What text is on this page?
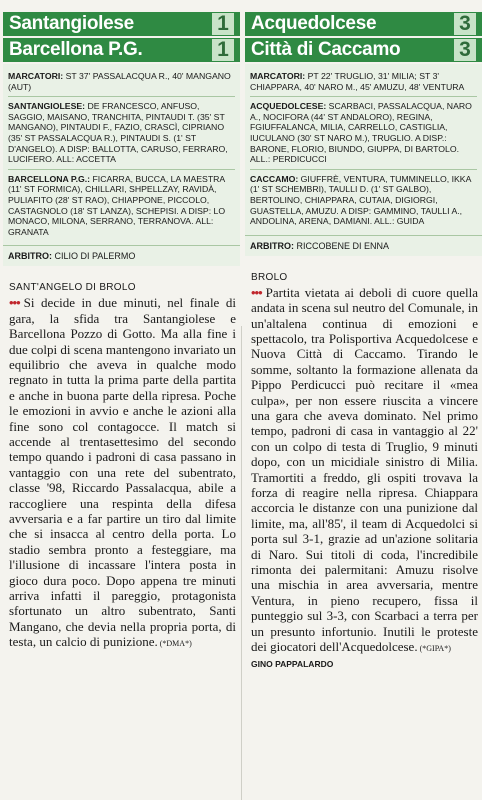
Santangiolese	1
Barcellona P.G.	1
MARCATORI: ST 37' PASSALACQUA R., 40' MANGANO (AUT)
SANTANGIOLESE: DE FRANCESCO, ANFUSO, SAGGIO, MAISANO, TRANCHITA, PINTAUDI T. (35' ST MANGANO), PINTAUDI F., FAZIO, CRASCÌ, CIPRIANO (35' ST PASSALACQUA R.), PINTAUDI S. (1' ST D'ANGELO). A DISP: BALLOTTA, CARUSO, FERRARO, LUCIFERO. ALL: ACCETTA
BARCELLONA P.G.: FICARRA, BUCCA, LA MAESTRA (11' ST FORMICA), CHILLARI, SHPELLZAY, RAVIDÀ, PULIAFITO (28' ST RAO), CHIAPPONE, PICCOLO, CASTAGNOLO (18' ST LANZA), SCHEPISI. A DISP: LO MONACO, MILONA, SERRANO, TERRANOVA. ALL: GRANATA
ARBITRO: CILIO DI PALERMO
SANT'ANGELO DI BROLO
••• Si decide in due minuti, nel finale di gara, la sfida tra Santangiolese e Barcellona Pozzo di Gotto. Ma alla fine i due colpi di scena mantengono invariato un equilibrio che aveva in qualche modo regnato in tutta la prima parte della partita e anche in buona parte della ripresa. Poche le emozioni in avvio e anche le azioni alla fine sono col contagocce. Il match si accende al trentasettesimo del secondo tempo quando i padroni di casa passano in vantaggio con una rete del subentrato, classe '98, Riccardo Passalacqua, abile a raccogliere una respinta della difesa avversaria e a far partire un tiro dal limite che si insacca al centro della porta. Lo stadio sembra pronto a festeggiare, ma l'illusione di incassare l'intera posta in gioco dura poco. Dopo appena tre minuti arriva infatti il pareggio, protagonista sfortunato un altro subentrato, Santi Mangano, che devia nella propria porta, di testa, un calcio di punizione. (*DMA*)
Acquedolcese	3
Città di Caccamo	3
MARCATORI: PT 22' TRUGLIO, 31' MILIA; ST 3' CHIAPPARA, 40' NARO M., 45' AMUZU, 48' VENTURA
ACQUEDOLCESE: SCARBACI, PASSALACQUA, NARO A., NOCIFORA (44' ST ANDALORO), REGINA, FGIUFFALANCA, MILIA, CARRELLO, CASTIGLIA, IUCULANO (30' ST NARO M.), TRUGLIO. A DISP.: BARONE, FLORIO, BIUNDO, GIUPPA, DI BARTOLO. ALL.: PERDICUCCI
CACCAMO: GIUFFRÈ, VENTURA, TUMMINELLO, IKKA (1' ST SCHEMBRI), TAULLI D. (1' ST GALBO), BERTOLINO, CHIAPPARA, CUTAIA, DIGIORGI, GUASTELLA, AMUZU. A DISP: GAMMINO, TAULLI A., ANDOLINA, ARENA, DAMIANI. ALL.: GUIDA
ARBITRO: RICCOBENE DI ENNA
BROLO
••• Partita vietata ai deboli di cuore quella andata in scena sul neutro del Comunale, in un'altalena continua di emozioni e spettacolo, tra Polisportiva Acquedolcese e Nuova Città di Caccamo. Tirando le somme, soltanto la formazione allenata da Pippo Perdicucci può recitare il «mea culpa», per non essere riuscita a vincere una gara che aveva dominato. Nel primo tempo, padroni di casa in vantaggio al 22' con un colpo di testa di Truglio, 9 minuti dopo, con un micidiale sinistro di Milia. Tramortiti a freddo, gli ospiti trovava la forza di reagire nella ripresa. Chiappara accorcia le distanze con una punizione dal limite, ma, all'85', il team di Acquedolci si porta sul 3-1, grazie ad un'azione solitaria di Naro. Sui titoli di coda, l'incredibile rimonta dei palermitani: Amuzu risolve una mischia in area avversaria, mentre Ventura, in pieno recupero, fissa il punteggio sul 3-3, con Scarbaci a terra per un presunto infortunio. Inutili le proteste dei giocatori dell'Acquedolcese. (*GIPA*)
GINO PAPPALARDO
